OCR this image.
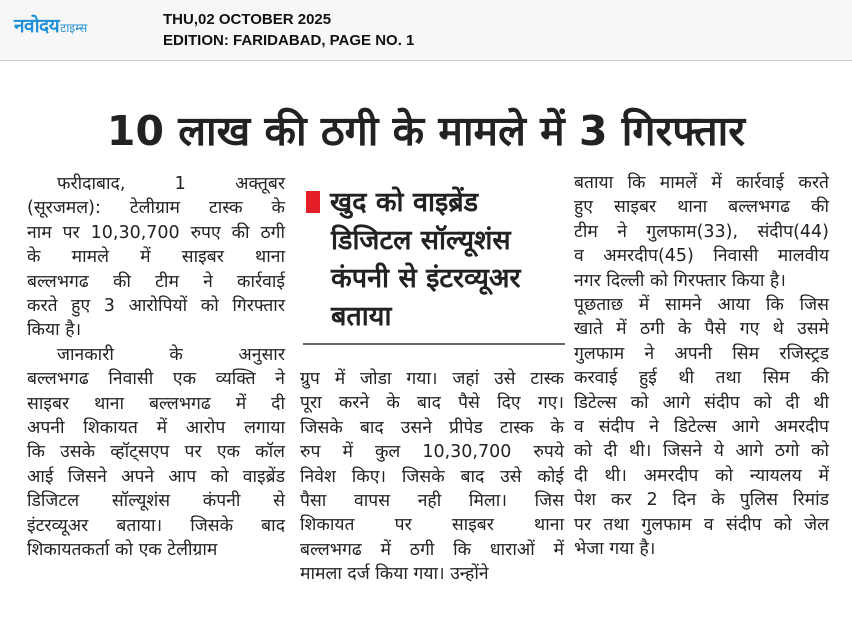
नवोदय टाइम्स	THU,02 OCTOBER 2025
EDITION: FARIDABAD, PAGE NO. 1
10 लाख की ठगी के मामले में 3 गिरफ्तार
फरीदाबाद, 1 अक्तूबर
(सूरजमल): टेलीग्राम टास्क के
नाम पर 10,30,700 रुपए की ठगी
के मामले में साइबर थाना
बल्लभगढ की टीम ने कार्रवाई
करते हुए 3 आरोपियों को गिरफ्तार
किया है।
जानकारी के अनुसार
बल्लभगढ निवासी एक व्यक्ति ने
साइबर थाना बल्लभगढ में दी
अपनी शिकायत में आरोप लगाया
कि उसके व्हॉट्सएप पर एक कॉल
आई जिसने अपने आप को वाइब्रेंड
डिजिटल सॉल्यूशंस कंपनी से
इंटरव्यूअर बताया। जिसके बाद
शिकायतकर्ता को एक टेलीग्राम
खुद को वाइब्रेंड
डिजिटल सॉल्यूशंस
कंपनी से इंटरव्यूअर
बताया
ग्रुप में जोडा गया। जहां उसे टास्क
पूरा करने के बाद पैसे दिए गए।
जिसके बाद उसने प्रीपेड टास्क के
रुप में कुल 10,30,700 रुपये
निवेश किए। जिसके बाद उसे कोई
पैसा वापस नही मिला। जिस
शिकायत पर साइबर थाना
बल्लभगढ में ठगी कि धाराओं में
मामला दर्ज किया गया। उन्होंने
बताया कि मामलें में कार्रवाई करते
हुए साइबर थाना बल्लभगढ की
टीम ने गुलफाम(33), संदीप(44)
व अमरदीप(45) निवासी मालवीय
नगर दिल्ली को गिरफ्तार किया है।
पूछताछ में सामने आया कि जिस
खाते में ठगी के पैसे गए थे उसमे
गुलफाम ने अपनी सिम रजिस्ट्रड
करवाई हुई थी तथा सिम की
डिटेल्स को आगे संदीप को दी थी
व संदीप ने डिटेल्स आगे अमरदीप
को दी थी। जिसने ये आगे ठगो को
दी थी। अमरदीप को न्यायलय में
पेश कर 2 दिन के पुलिस रिमांड
पर तथा गुलफाम व संदीप को जेल
भेजा गया है।
